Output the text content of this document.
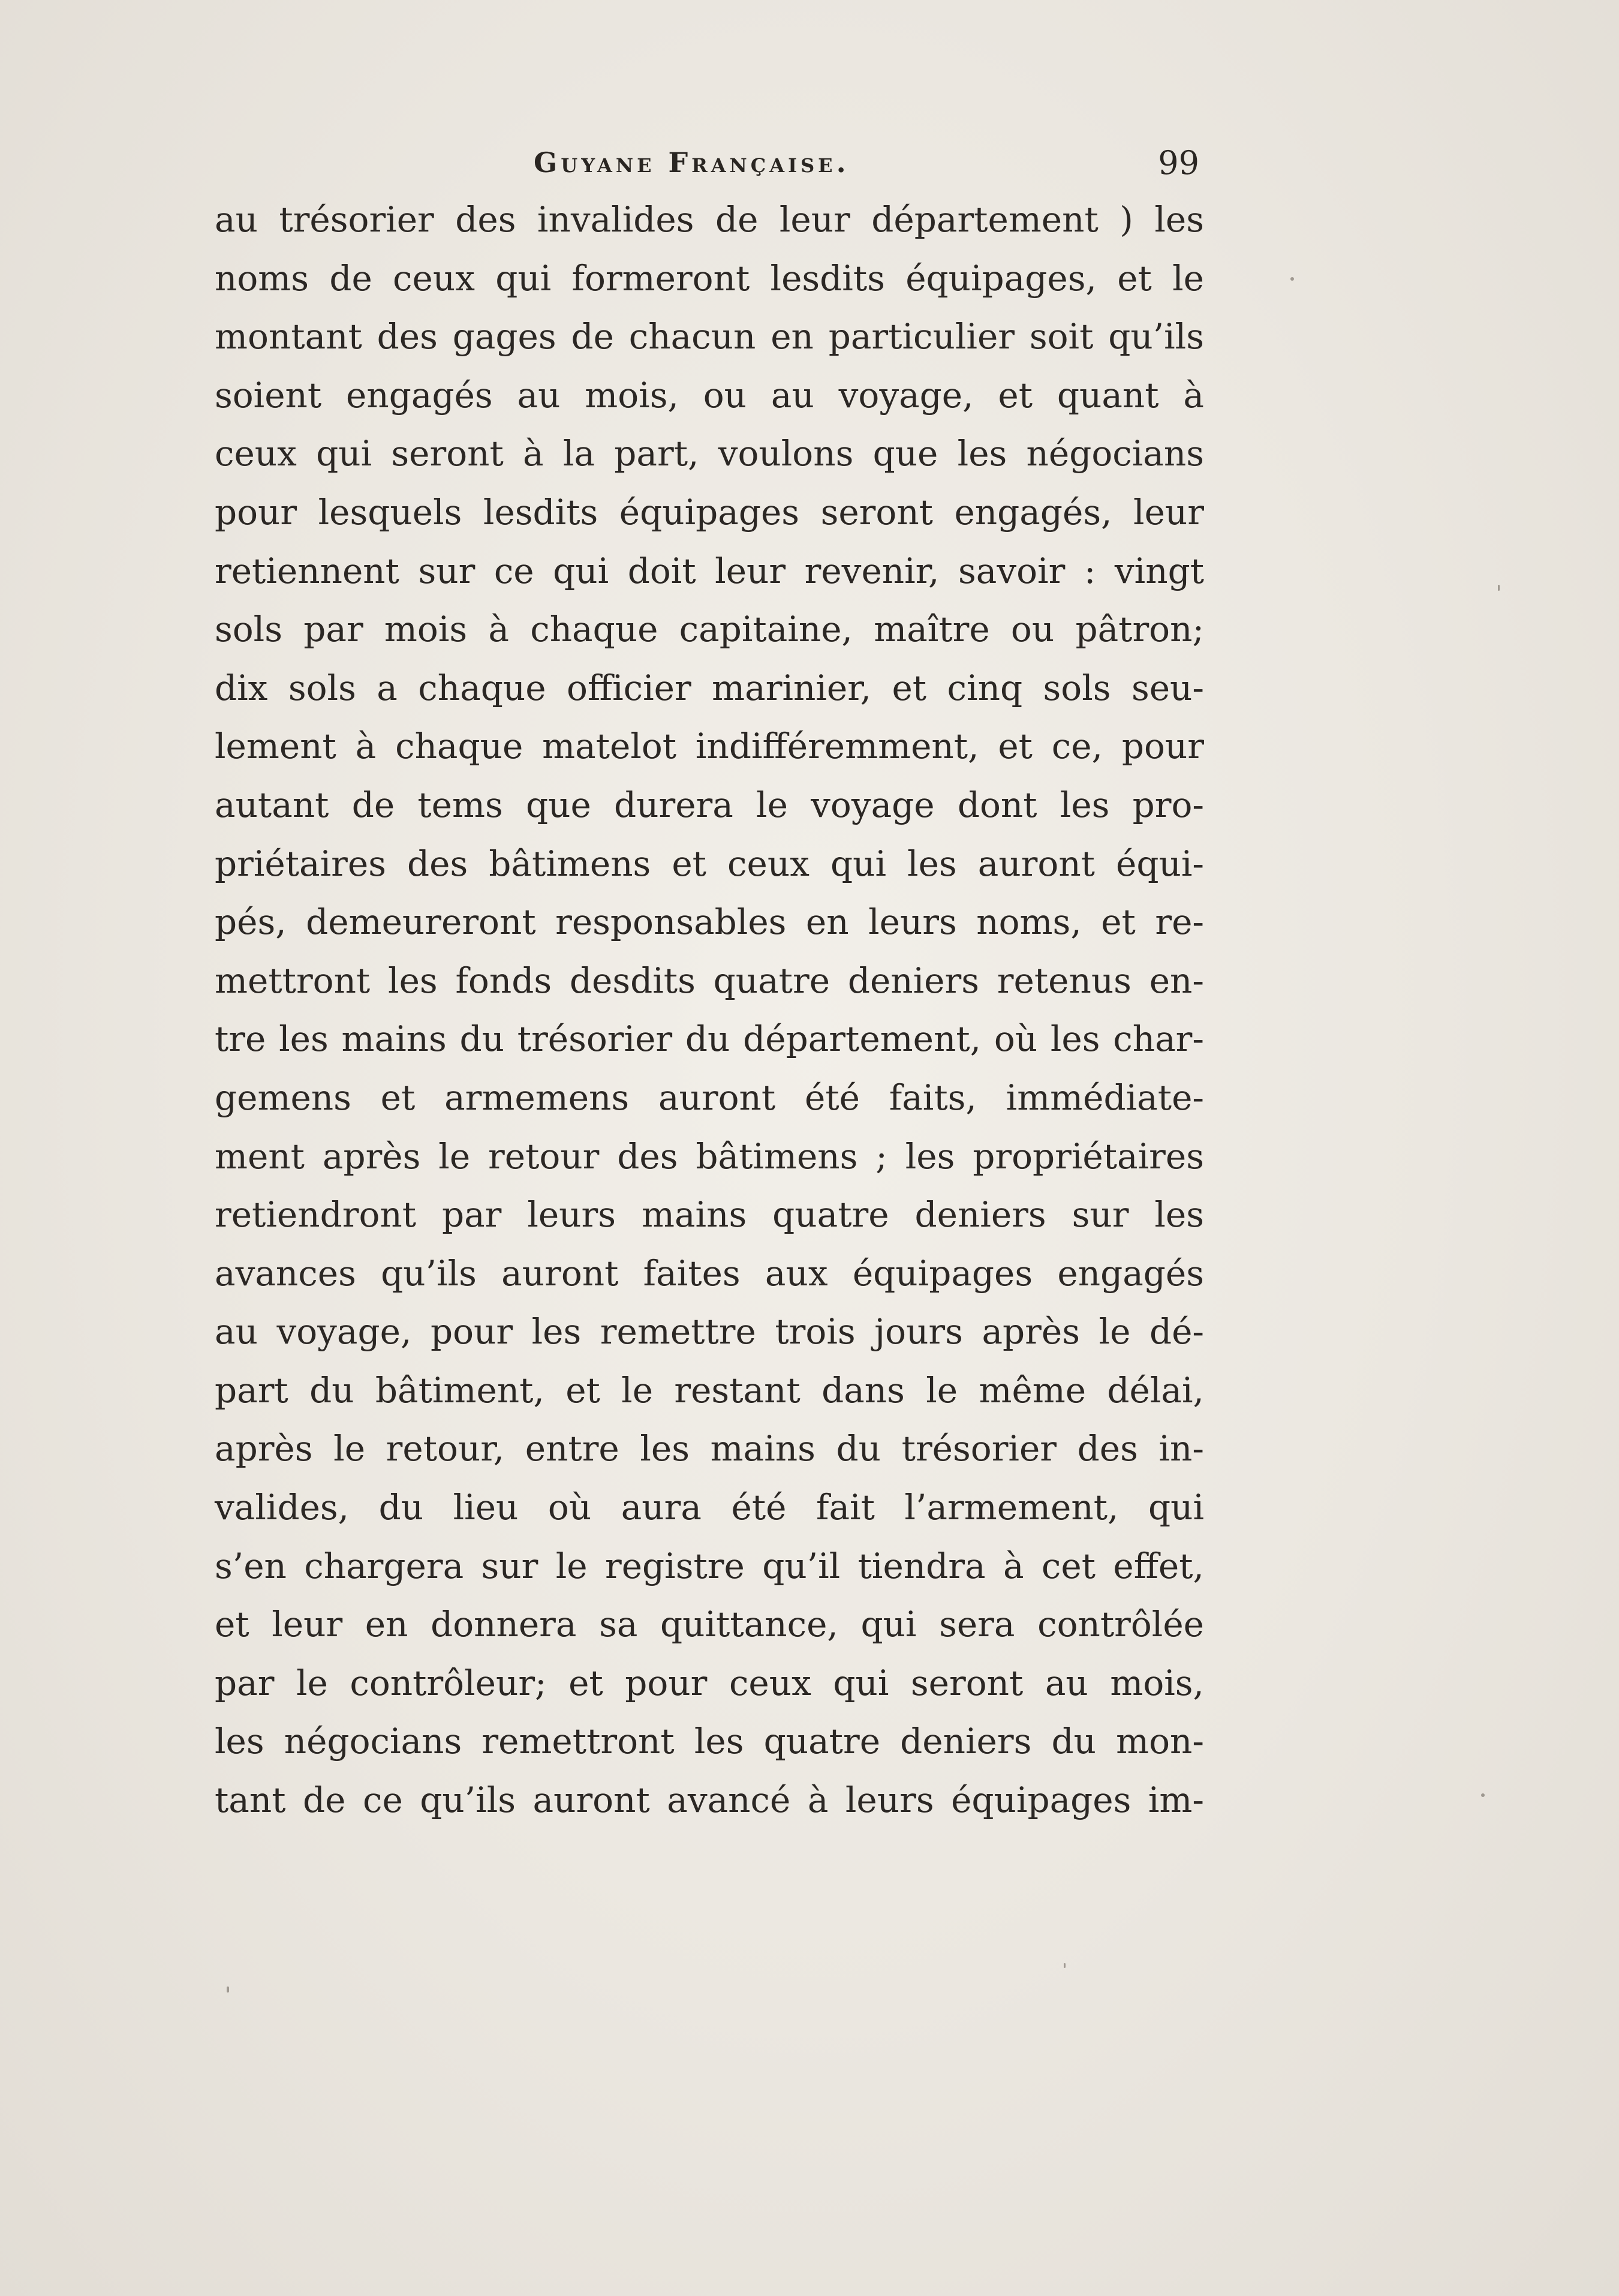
Guyane Française.	99
au trésorier des invalides de leur département ) les
noms de ceux qui formeront lesdits équipages, et le
montant des gages de chacun en particulier soit qu’ils
soient engagés au mois, ou au voyage, et quant à
ceux qui seront à la part, voulons que les négocians
pour lesquels lesdits équipages seront engagés, leur
retiennent sur ce qui doit leur revenir, savoir : vingt
sols par mois à chaque capitaine, maître ou pâtron;
dix sols a chaque officier marinier, et cinq sols seu-
lement à chaque matelot indifféremment, et ce, pour
autant de tems que durera le voyage dont les pro-
priétaires des bâtimens et ceux qui les auront équi-
pés, demeureront responsables en leurs noms, et re-
mettront les fonds desdits quatre deniers retenus en-
tre les mains du trésorier du département, où les char-
gemens et armemens auront été faits, immédiate-
ment après le retour des bâtimens ; les propriétaires
retiendront par leurs mains quatre deniers sur les
avances qu’ils auront faites aux équipages engagés
au voyage, pour les remettre trois jours après le dé-
part du bâtiment, et le restant dans le même délai,
après le retour, entre les mains du trésorier des in-
valides, du lieu où aura été fait l’armement, qui
s’en chargera sur le registre qu’il tiendra à cet effet,
et leur en donnera sa quittance, qui sera contrôlée
par le contrôleur; et pour ceux qui seront au mois,
les négocians remettront les quatre deniers du mon-
tant de ce qu’ils auront avancé à leurs équipages im-
